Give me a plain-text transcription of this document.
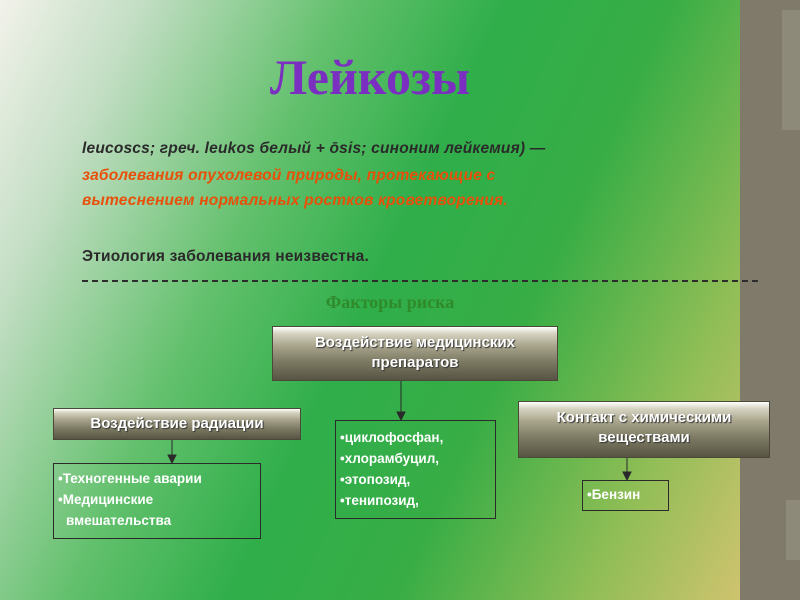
Лейкозы
leucoscs; греч. leukos белый + ōsis; синоним лейкемия) —
заболевания опухолевой природы, протекающие с
вытеснением нормальных ростков кроветворения.
Этиология заболевания неизвестна.
Факторы риска
Воздействие медицинских
препаратов
Воздействие радиации	Контакт с химическими
веществами
•циклофосфан,
•хлорамбуцил,
•этопозид,
•тенипозид,
•Техногенные аварии
•Медицинские
вмешательства
•Бензин
